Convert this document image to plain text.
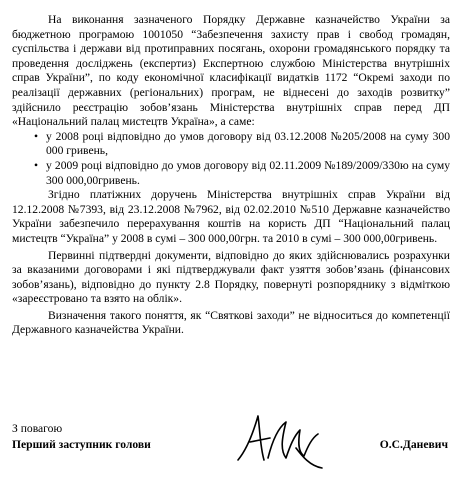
На виконання зазначеного Порядку Державне казначейство України за бюджетною програмою 1001050 “Забезпечення захисту прав і свобод громадян, суспільства і держави від протиправних посягань, охорони громадянського порядку та проведення досліджень (експертиз) Експертною службою Міністерства внутрішніх справ України”, по коду економічної класифікації видатків 1172 “Окремі заходи по реалізації державних (регіональних) програм, не віднесені до заходів розвитку” здійснило реєстрацію зобов’язань Міністерства внутрішніх справ перед ДП «Національний палац мистецтв Україна», а саме:

• у 2008 році відповідно до умов договору від 03.12.2008 №205/2008 на суму 300 000 гривень,
• у 2009 році відповідно до умов договору від 02.11.2009 №189/2009/330ю на суму 300 000,00гривень.

Згідно платіжних доручень Міністерства внутрішніх справ України від 12.12.2008 №7393, від 23.12.2008 №7962, від 02.02.2010 №510 Державне казначейство України забезпечило перерахування коштів на користь ДП “Національний палац мистецтв “Україна” у 2008 в сумі – 300 000,00грн. та 2010 в сумі – 300 000,00гривень.

Первинні підтвердні документи, відповідно до яких здійснювались розрахунки за вказаними договорами і які підтверджували факт узяття зобов’язань (фінансових зобов’язань), відповідно до пункту 2.8 Порядку, повернуті розпоряднику з відміткою «зареєстровано та взято на облік».

Визначення такого поняття, як “Святкові заходи” не відноситься до компетенції Державного казначейства України.

З повагою
Перший заступник голови	О.С.Даневич
